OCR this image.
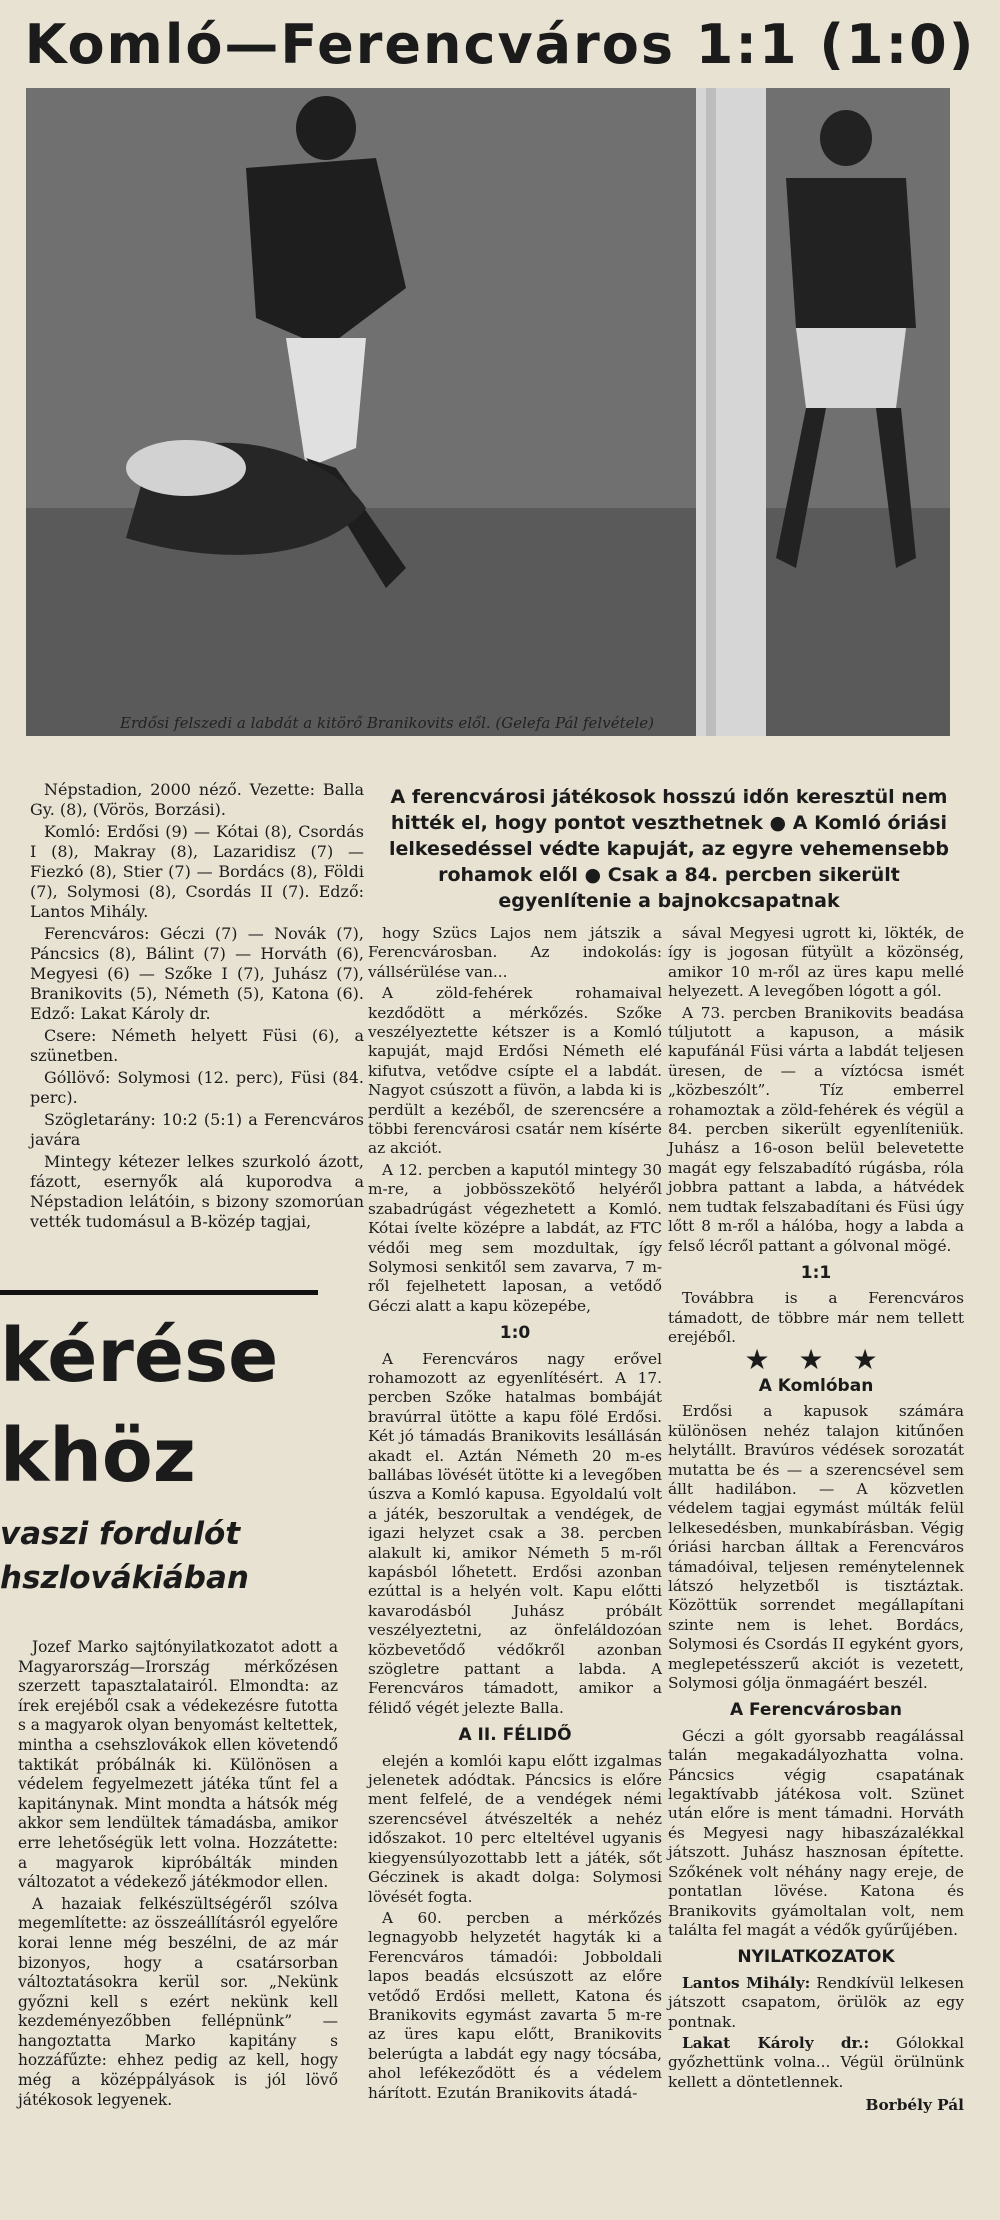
Komló—Ferencváros 1:1 (1:0)
Erdősi felszedi a labdát a kitörő Branikovits elől. (Gelefa Pál felvétele)
A ferencvárosi játékosok hosszú időn keresztül nem hitték el, hogy pontot veszthetnek ● A Komló óriási lelkesedéssel védte kapuját, az egyre vehemensebb rohamok elől ● Csak a 84. percben sikerült egyenlítenie a bajnokcsapatnak

Népstadion, 2000 néző. Vezette: Balla Gy. (8), (Vörös, Borzási).

Komló: Erdősi (9) — Kótai (8), Csordás I (8), Makray (8), Lazaridisz (7) — Fiezkó (8), Stier (7) — Bordács (8), Földi (7), Solymosi (8), Csordás II (7). Edző: Lantos Mihály.

Ferencváros: Géczi (7) — Novák (7), Páncsics (8), Bálint (7) — Horváth (6), Megyesi (6) — Szőke I (7), Juhász (7), Branikovits (5), Németh (5), Katona (6). Edző: Lakat Károly dr.

Csere: Németh helyett Füsi (6), a szünetben.

Góllövő: Solymosi (12. perc), Füsi (84. perc).

Szögletarány: 10:2 (5:1) a Ferencváros javára

Mintegy kétezer lelkes szurkoló ázott, fázott, esernyők alá kuporodva a Népstadion lelátóin, s bizony szomorúan vették tudomásul a B-közép tagjai,

kérése
khöz
vaszi fordulót
hszlovákiában

Jozef Marko sajtónyilatkozatot adott a Magyarország—Irország mérkőzésen szerzett tapasztalatairól. Elmondta: az írek erejéből csak a védekezésre futotta s a magyarok olyan benyomást keltettek, mintha a csehszlovákok ellen követendő taktikát próbálnák ki. Különösen a védelem fegyelmezett játéka tűnt fel a kapitánynak. Mint mondta a hátsók még akkor sem lendültek támadásba, amikor erre lehetőségük lett volna. Hozzátette: a magyarok kipróbálták minden változatot a védekező játékmodor ellen.

A hazaiak felkészültségéről szólva megemlítette: az összeállításról egyelőre korai lenne még beszélni, de az már bizonyos, hogy a csatársorban változtatásokra kerül sor. „Nekünk győzni kell s ezért nekünk kell kezdeményezőbben fellépnünk” — hangoztatta Marko kapitány s hozzáfűzte: ehhez pedig az kell, hogy még a középpályások is jól lövő játékosok legyenek.

hogy Szücs Lajos nem játszik a Ferencvárosban. Az indokolás: vállsérülése van...

A zöld-fehérek rohamaival kezdődött a mérkőzés. Szőke veszélyeztette kétszer is a Komló kapuját, majd Erdősi Németh elé kifutva, vetődve csípte el a labdát. Nagyot csúszott a füvön, a labda ki is perdült a kezéből, de szerencsére a többi ferencvárosi csatár nem kísérte az akciót.

A 12. percben a kaputól mintegy 30 m-re, a jobbösszekötő helyéről szabadrúgást végezhetett a Komló. Kótai ívelte középre a labdát, az FTC védői meg sem mozdultak, így Solymosi senkitől sem zavarva, 7 m-ről fejelhetett laposan, a vetődő Géczi alatt a kapu közepébe,

1:0

A Ferencváros nagy erővel rohamozott az egyenlítésért. A 17. percben Szőke hatalmas bombáját bravúrral ütötte a kapu fölé Erdősi. Két jó támadás Branikovits lesállásán akadt el. Aztán Németh 20 m-es ballábas lövését ütötte ki a levegőben úszva a Komló kapusa. Egyoldalú volt a játék, beszorultak a vendégek, de igazi helyzet csak a 38. percben alakult ki, amikor Németh 5 m-ről kapásból lőhetett. Erdősi azonban ezúttal is a helyén volt. Kapu előtti kavarodásból Juhász próbált veszélyeztetni, az önfeláldozóan közbevetődő védőkről azonban szögletre pattant a labda. A Ferencváros támadott, amikor a félidő végét jelezte Balla.

A II. FÉLIDŐ

elején a komlói kapu előtt izgalmas jelenetek adódtak. Páncsics is előre ment felfelé, de a vendégek némi szerencsével átvészelték a nehéz időszakot. 10 perc elteltével ugyanis kiegyensúlyozottabb lett a játék, sőt Géczinek is akadt dolga: Solymosi lövését fogta.

A 60. percben a mérkőzés legnagyobb helyzetét hagyták ki a Ferencváros támadói: Jobboldali lapos beadás elcsúszott az előre vetődő Erdősi mellett, Katona és Branikovits egymást zavarta 5 m-re az üres kapu előtt, Branikovits belerúgta a labdát egy nagy tócsába, ahol lefékeződött és a védelem hárított. Ezután Branikovits átadá-

sával Megyesi ugrott ki, lökték, de így is jogosan fütyült a közönség, amikor 10 m-ről az üres kapu mellé helyezett. A levegőben lógott a gól.

A 73. percben Branikovits beadása túljutott a kapuson, a másik kapufánál Füsi várta a labdát teljesen üresen, de — a víztócsa ismét „közbeszólt”. Tíz emberrel rohamoztak a zöld-fehérek és végül a 84. percben sikerült egyenlíteniük. Juhász a 16-oson belül belevetette magát egy felszabadító rúgásba, róla jobbra pattant a labda, a hátvédek nem tudtak felszabadítani és Füsi úgy lőtt 8 m-ről a hálóba, hogy a labda a felső lécről pattant a gólvonal mögé.

1:1

Továbbra is a Ferencváros támadott, de többre már nem tellett erejéből.

★ ★ ★
A Komlóban

Erdősi a kapusok számára különösen nehéz talajon kitűnően helytállt. Bravúros védések sorozatát mutatta be és — a szerencsével sem állt hadilábon. — A közvetlen védelem tagjai egymást múlták felül lelkesedésben, munkabírásban. Végig óriási harcban álltak a Ferencváros támadóival, teljesen reménytelennek látszó helyzetből is tisztáztak. Közöttük sorrendet megállapítani szinte nem is lehet. Bordács, Solymosi és Csordás II egyként gyors, meglepetésszerű akciót is vezetett, Solymosi gólja önmagáért beszél.

A Ferencvárosban

Géczi a gólt gyorsabb reagálással talán megakadályozhatta volna. Páncsics végig csapatának legaktívabb játékosa volt. Szünet után előre is ment támadni. Horváth és Megyesi nagy hibaszázalékkal játszott. Juhász hasznosan építette. Szőkének volt néhány nagy ereje, de pontatlan lövése. Katona és Branikovits gyámoltalan volt, nem találta fel magát a védők gyűrűjében.

NYILATKOZATOK

Lantos Mihály: Rendkívül lelkesen játszott csapatom, örülök az egy pontnak.

Lakat Károly dr.: Gólokkal győzhettünk volna... Végül örülnünk kellett a döntetlennek.

Borbély Pál
